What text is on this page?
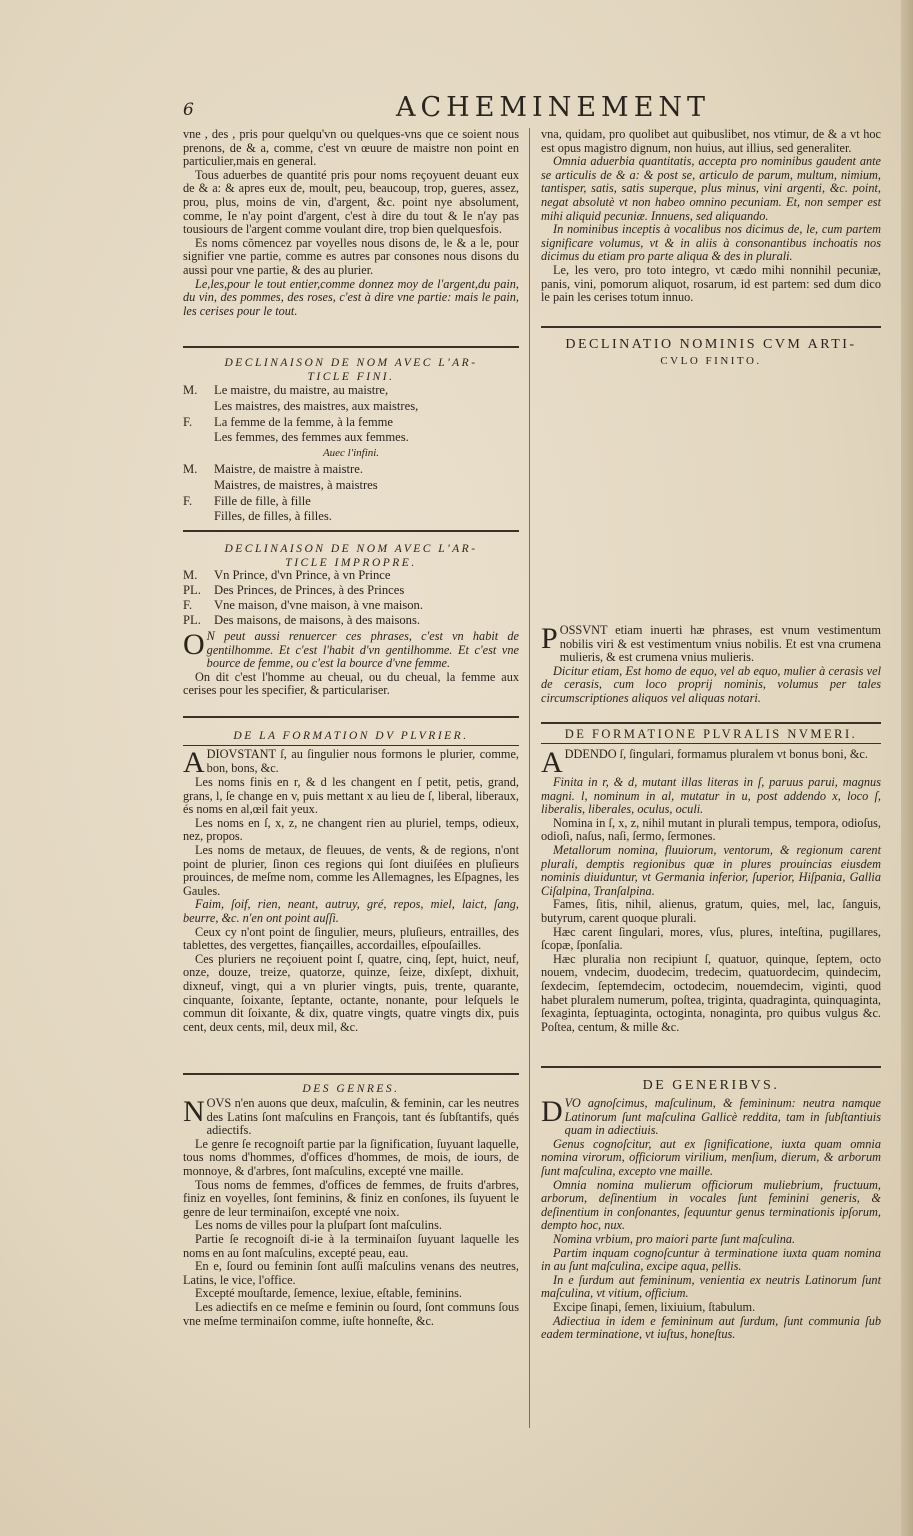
6	ACHEMINEMENT

vne , des , pris pour quelqu'vn ou quelques-vns que ce soient nous prenons, de & a, comme, c'est vn œuure de maistre non point en particulier,mais en general.

Tous aduerbes de quantité pris pour noms reçoyuent deuant eux de & a: & apres eux de, moult, peu, beaucoup, trop, gueres, assez, prou, plus, moins de vin, d'argent, &c. point nye absolument, comme, Ie n'ay point d'argent, c'est à dire du tout & Ie n'ay pas tousiours de l'argent comme voulant dire, trop bien quelquesfois.

Es noms cõmencez par voyelles nous disons de, le & a le, pour signifier vne partie, comme es autres par consones nous disons du aussi pour vne partie, & des au plurier.

Le,les,pour le tout entier,comme donnez moy de l'argent,du pain, du vin, des pommes, des roses, c'est à dire vne partie: mais le pain, les cerises pour le tout.

DECLINAISON DE NOM AVEC L'AR-
TICLE FINI.
M.	Le maistre, du maistre, au maistre,
Les maistres, des maistres, aux maistres,
F.	La femme de la femme, à la femme
Les femmes, des femmes aux femmes.
Auec l'infini.
M.	Maistre, de maistre à maistre.
Maistres, de maistres, à maistres
F.	Fille de fille, à fille
Filles, de filles, à filles.
DECLINAISON DE NOM AVEC L'AR-
TICLE IMPROPRE.
M.	Vn Prince, d'vn Prince, à vn Prince
PL.	Des Princes, de Princes, à des Princes
F.	Vne maison, d'vne maison, à vne maison.
PL.	Des maisons, de maisons, à des maisons.

O N peut aussi renuercer ces phrases, c'est vn habit de gentilhomme. Et c'est l'habit d'vn gentilhomme. Et c'est vne bource de femme, ou c'est la bource d'vne femme.

On dit c'est l'homme au cheual, ou du cheual, la femme aux cerises pour les specifier, & particulariser.

DE LA FORMATION DV PLVRIER.

ADIOVSTANT ſ, au ſingulier nous formons le plurier, comme, bon, bons, &c.

Les noms finis en r, & d les changent en ſ petit, petis, grand, grans, l, ſe change en v, puis mettant x au lieu de ſ, liberal, liberaux, és noms en al,œil fait yeux.

Les noms en ſ, x, z, ne changent rien au pluriel, temps, odieux, nez, propos.

Les noms de metaux, de fleuues, de vents, & de regions, n'ont point de plurier, ſinon ces regions qui ſont diuiſées en pluſieurs prouinces, de meſme nom, comme les Allemagnes, les Eſpagnes, les Gaules.

Faim, ſoif, rien, neant, autruy, gré, repos, miel, laict, ſang, beurre, &c. n'en ont point auſſi.

Ceux cy n'ont point de ſingulier, meurs, pluſieurs, entrailles, des tablettes, des vergettes, fiançailles, accordailles, eſpouſailles.

Ces pluriers ne reçoiuent point ſ, quatre, cinq, ſept, huict, neuf, onze, douze, treize, quatorze, quinze, ſeize, dixſept, dixhuit, dixneuf, vingt, qui a vn plurier vingts, puis, trente, quarante, cinquante, ſoixante, ſeptante, octante, nonante, pour leſquels le commun dit ſoixante, & dix, quatre vingts, quatre vingts dix, puis cent, deux cents, mil, deux mil, &c.

DES GENRES.

NOVS n'en auons que deux, maſculin, & feminin, car les neutres des Latins ſont maſculins en François, tant és ſubſtantifs, qués adiectifs.

Le genre ſe recognoiſt partie par la ſignification, ſuyuant laquelle, tous noms d'hommes, d'offices d'hommes, de mois, de iours, de monnoye, & d'arbres, ſont maſculins, excepté vne maille.

Tous noms de femmes, d'offices de femmes, de fruits d'arbres, finiz en voyelles, ſont feminins, & finiz en conſones, ils ſuyuent le genre de leur terminaiſon, excepté vne noix.

Les noms de villes pour la pluſpart ſont maſculins.

Partie ſe recognoiſt di-ie à la terminaiſon ſuyuant laquelle les noms en au ſont maſculins, excepté peau, eau.

En e, ſourd ou feminin ſont auſſi maſculins venans des neutres, Latins, le vice, l'office.

Excepté mouſtarde, ſemence, lexiue, eſtable, feminins.

Les adiectifs en ce meſme e feminin ou ſourd, ſont communs ſous vne meſme terminaiſon comme, iuſte honneſte, &c.

vna, quidam, pro quolibet aut quibuslibet, nos vtimur, de & a vt hoc est opus magistro dignum, non huius, aut illius, sed generaliter.

Omnia aduerbia quantitatis, accepta pro nominibus gaudent ante se articulis de & a: & post se, articulo de parum, multum, nimium, tantisper, satis, satis superque, plus minus, vini argenti, &c. point, negat absolutè vt non habeo omnino pecuniam. Et, non semper est mihi aliquid pecuniæ. Innuens, sed aliquando.

In nominibus inceptis à vocalibus nos dicimus de, le, cum partem significare volumus, vt & in aliis à consonantibus inchoatis nos dicimus du etiam pro parte aliqua & des in plurali.

Le, les vero, pro toto integro, vt cædo mihi nonnihil pecuniæ, panis, vini, pomorum aliquot, rosarum, id est partem: sed dum dico le pain les cerises totum innuo.

DECLINATIO NOMINIS CVM ARTI-
CVLO FINITO.

POSSVNT etiam inuerti hæ phrases, est vnum vestimentum nobilis viri & est vestimentum vnius nobilis. Et est vna crumena mulieris, & est crumena vnius mulieris.

Dicitur etiam, Est homo de equo, vel ab equo, mulier à cerasis vel de cerasis, cum loco proprij nominis, volumus per tales circumscriptiones aliquos vel aliquas notari.

DE FORMATIONE PLVRALIS NVMERI.

ADDENDO ſ, ſingulari, formamus pluralem vt bonus boni, &c.

Finita in r, & d, mutant illas literas in ſ, paruus parui, magnus magni. l, nominum in al, mutatur in u, post addendo x, loco ſ, liberalis, liberales, oculus, oculi.

Nomina in ſ, x, z, nihil mutant in plurali tempus, tempora, odioſus, odioſi, naſus, naſi, ſermo, ſermones.

Metallorum nomina, fluuiorum, ventorum, & regionum carent plurali, demptis regionibus quæ in plures prouincias eiusdem nominis diuiduntur, vt Germania inferior, ſuperior, Hiſpania, Gallia Ciſalpina, Tranſalpina.

Fames, ſitis, nihil, alienus, gratum, quies, mel, lac, ſanguis, butyrum, carent quoque plurali.

Hæc carent ſingulari, mores, vſus, plures, inteſtina, pugillares, ſcopæ, ſponſalia.

Hæc pluralia non recipiunt ſ, quatuor, quinque, ſeptem, octo nouem, vndecim, duodecim, tredecim, quatuordecim, quindecim, ſexdecim, ſeptemdecim, octodecim, nouemdecim, viginti, quod habet pluralem numerum, poſtea, triginta, quadraginta, quinquaginta, ſexaginta, ſeptuaginta, octoginta, nonaginta, pro quibus vulgus &c. Poſtea, centum, & mille &c.

DE GENERIBVS.

DVO agnoſcimus, maſculinum, & femininum: neutra namque Latinorum ſunt maſculina Gallicè reddita, tam in ſubſtantiuis quam in adiectiuis.

Genus cognoſcitur, aut ex ſignificatione, iuxta quam omnia nomina virorum, officiorum virilium, menſium, dierum, & arborum ſunt maſculina, excepto vne maille.

Omnia nomina mulierum officiorum muliebrium, fructuum, arborum, deſinentium in vocales ſunt feminini generis, & deſinentium in conſonantes, ſequuntur genus terminationis ipſorum, dempto hoc, nux.

Nomina vrbium, pro maiori parte ſunt maſculina.

Partim inquam cognoſcuntur à terminatione iuxta quam nomina in au ſunt maſculina, excipe aqua, pellis.

In e ſurdum aut femininum, venientia ex neutris Latinorum ſunt maſculina, vt vitium, officium.

Excipe ſinapi, ſemen, lixiuium, ſtabulum.

Adiectiua in idem e femininum aut ſurdum, ſunt communia ſub eadem terminatione, vt iuſtus, honeſtus.
